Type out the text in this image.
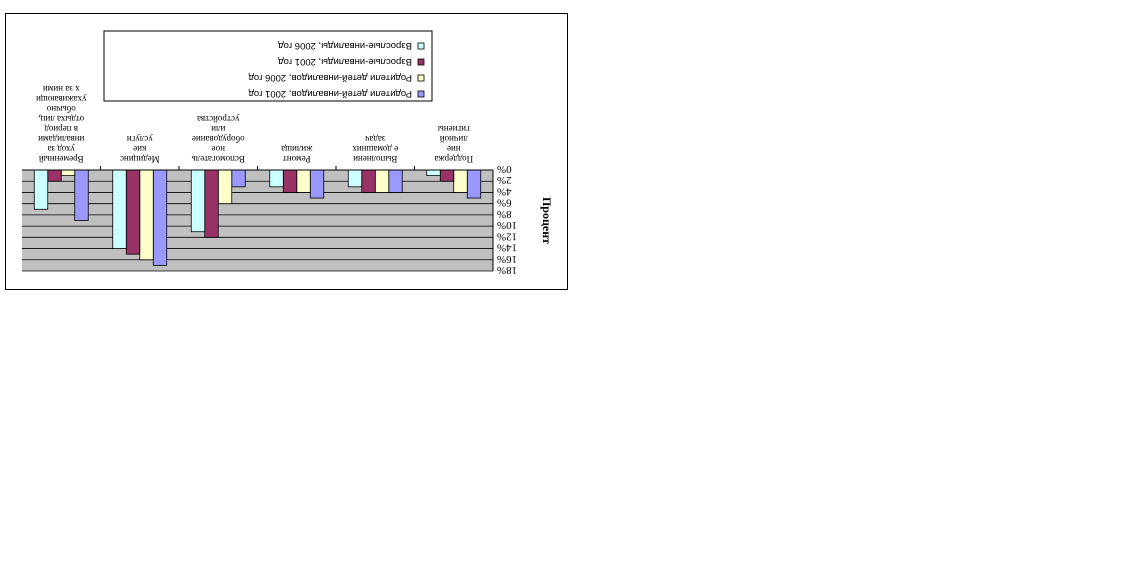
0%
2%
4%
6%
8%
10%
12%
14%
16%
18%
Поддержаниеличнойгигиены
Выполнение домашнихзадач
Ремонтжилища
Вспомогательноеоборудованиеилиустройства
Медицинскиеуслуги
Временныйуход заинвалидамив периодотдыха лиц,обычноухаживающих за ними
Процент
Родители детей-инвалидов, 2001 год
Родители детей-инвалидов, 2006 год
Взрослые-инвалиды, 2001 год
Взрослые-инвалиды, 2006 год
